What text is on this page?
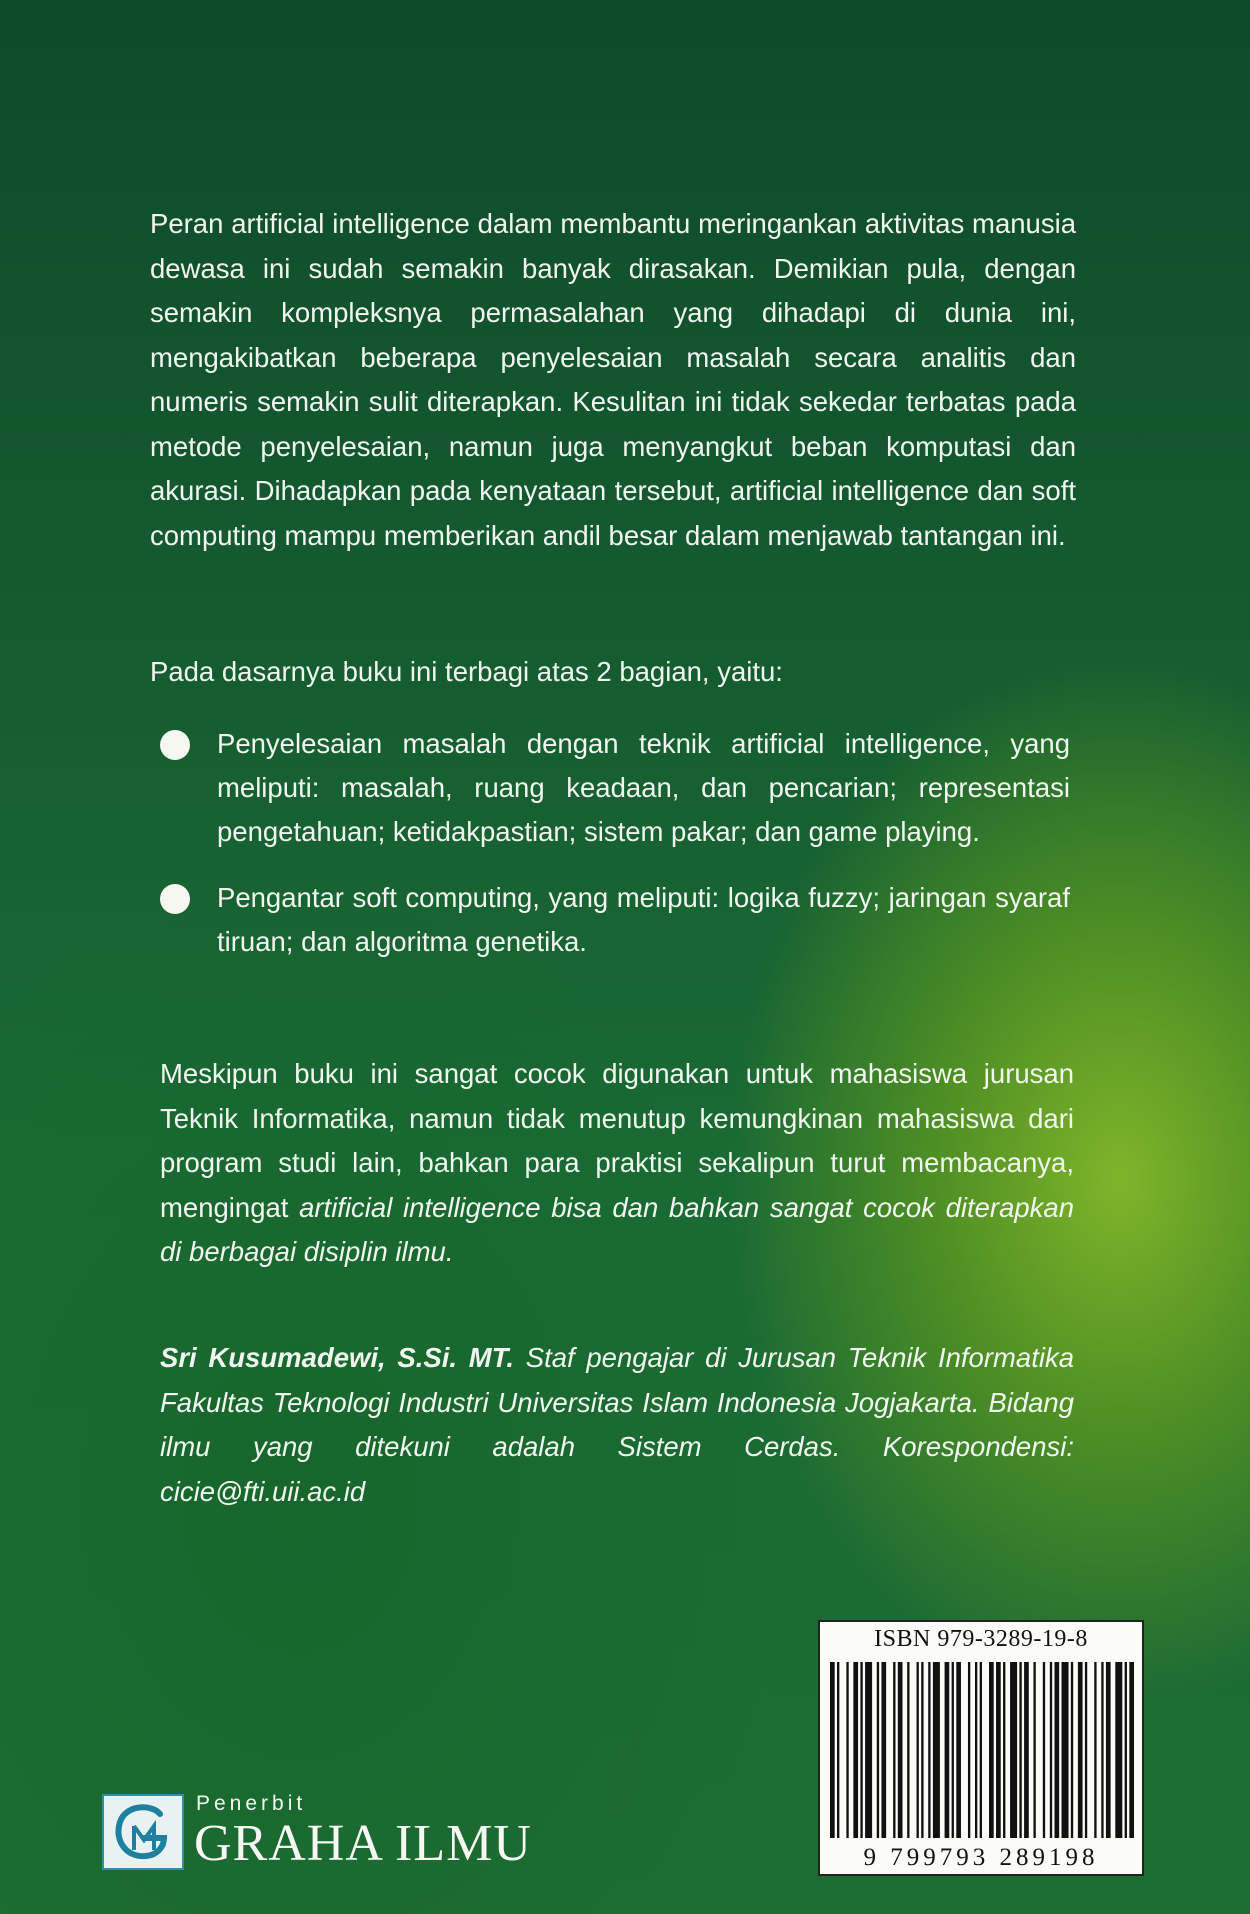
Peran artificial intelligence dalam membantu meringankan aktivitas manusia dewasa ini sudah semakin banyak dirasakan. Demikian pula, dengan semakin kompleksnya permasalahan yang dihadapi di dunia ini, mengakibatkan beberapa penyelesaian masalah secara analitis dan numeris semakin sulit diterapkan. Kesulitan ini tidak sekedar terbatas pada metode penyelesaian, namun juga menyangkut beban komputasi dan akurasi. Dihadapkan pada kenyataan tersebut, artificial intelligence dan soft computing mampu memberikan andil besar dalam menjawab tantangan ini.

Pada dasarnya buku ini terbagi atas 2 bagian, yaitu:

Penyelesaian masalah dengan teknik artificial intelligence, yang meliputi: masalah, ruang keadaan, dan pencarian; representasi pengetahuan; ketidakpastian; sistem pakar; dan game playing.
Pengantar soft computing, yang meliputi: logika fuzzy; jaringan syaraf tiruan; dan algoritma genetika.

Meskipun buku ini sangat cocok digunakan untuk mahasiswa jurusan Teknik Informatika, namun tidak menutup kemungkinan mahasiswa dari program studi lain, bahkan para praktisi sekalipun turut membacanya, mengingat artificial intelligence bisa dan bahkan sangat cocok diterapkan di berbagai disiplin ilmu.

Sri Kusumadewi, S.Si. MT. Staf pengajar di Jurusan Teknik Informatika Fakultas Teknologi Industri Universitas Islam Indonesia Jogjakarta. Bidang ilmu yang ditekuni adalah Sistem Cerdas. Korespondensi: cicie@fti.uii.ac.id

ISBN 979-3289-19-8
9 799793 289198
Penerbit
GRAHA ILMU
